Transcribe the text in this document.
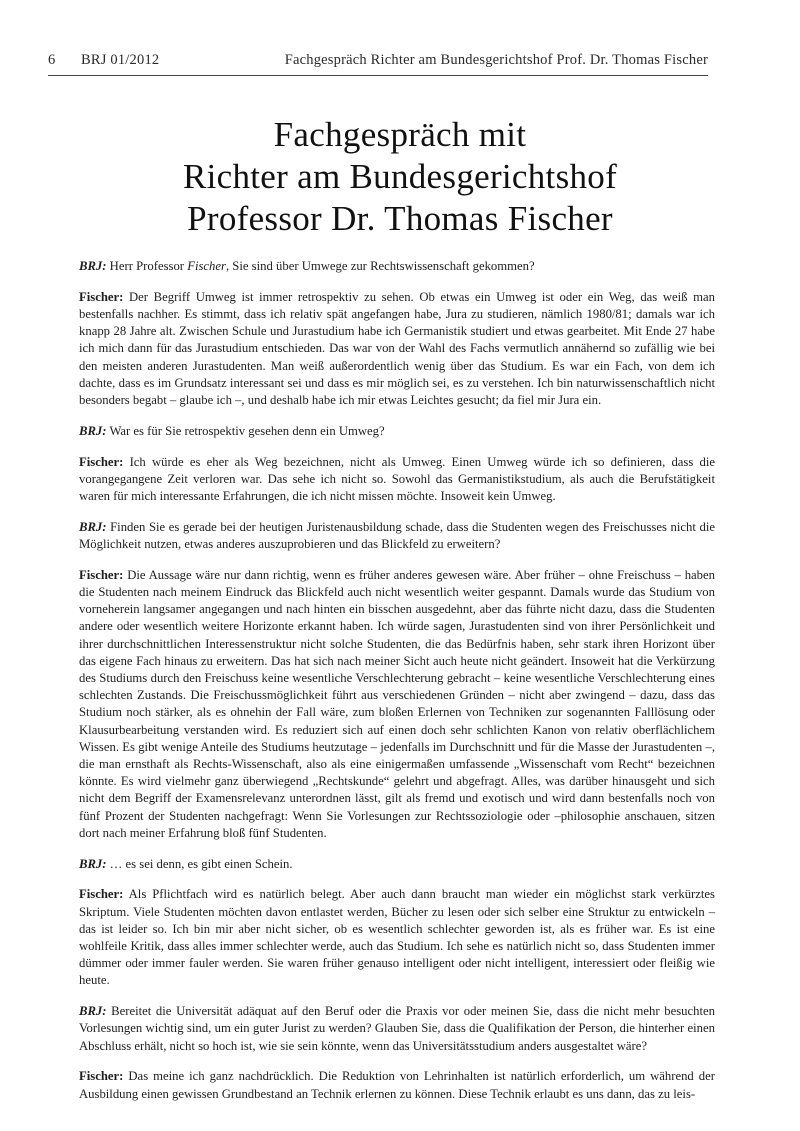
6 BRJ 01/2012	Fachgespräch Richter am Bundesgerichtshof Prof. Dr. Thomas Fischer
Fachgespräch mit
Richter am Bundesgerichtshof
Professor Dr. Thomas Fischer

BRJ: Herr Professor Fischer, Sie sind über Umwege zur Rechtswissenschaft gekommen?

Fischer: Der Begriff Umweg ist immer retrospektiv zu sehen. Ob etwas ein Umweg ist oder ein Weg, das weiß man bestenfalls nachher. Es stimmt, dass ich relativ spät angefangen habe, Jura zu studieren, nämlich 1980/81; damals war ich knapp 28 Jahre alt. Zwischen Schule und Jurastudium habe ich Germanistik studiert und etwas gearbeitet. Mit Ende 27 habe ich mich dann für das Jurastudium entschieden. Das war von der Wahl des Fachs vermutlich annähernd so zufällig wie bei den meisten anderen Jurastudenten. Man weiß außerordentlich wenig über das Studium. Es war ein Fach, von dem ich dachte, dass es im Grundsatz interessant sei und dass es mir möglich sei, es zu verstehen. Ich bin naturwissenschaftlich nicht besonders begabt – glaube ich –, und deshalb habe ich mir etwas Leichtes gesucht; da fiel mir Jura ein.

BRJ: War es für Sie retrospektiv gesehen denn ein Umweg?

Fischer: Ich würde es eher als Weg bezeichnen, nicht als Umweg. Einen Umweg würde ich so definieren, dass die vorangegangene Zeit verloren war. Das sehe ich nicht so. Sowohl das Germanistikstudium, als auch die Berufstätigkeit waren für mich interessante Erfahrungen, die ich nicht missen möchte. Insoweit kein Umweg.

BRJ: Finden Sie es gerade bei der heutigen Juristenausbildung schade, dass die Studenten wegen des Freischusses nicht die Möglichkeit nutzen, etwas anderes auszuprobieren und das Blickfeld zu erweitern?

Fischer: Die Aussage wäre nur dann richtig, wenn es früher anderes gewesen wäre. Aber früher – ohne Freischuss – haben die Studenten nach meinem Eindruck das Blickfeld auch nicht wesentlich weiter gespannt. Damals wurde das Studium von vorneherein langsamer angegangen und nach hinten ein bisschen ausgedehnt, aber das führte nicht dazu, dass die Studenten andere oder wesentlich weitere Horizonte erkannt haben. Ich würde sagen, Jurastudenten sind von ihrer Persönlichkeit und ihrer durchschnittlichen Interessenstruktur nicht solche Studenten, die das Bedürfnis haben, sehr stark ihren Horizont über das eigene Fach hinaus zu erweitern. Das hat sich nach meiner Sicht auch heute nicht geändert. Insoweit hat die Verkürzung des Studiums durch den Freischuss keine wesentliche Verschlechterung gebracht – keine wesentliche Verschlechterung eines schlechten Zustands. Die Freischussmöglichkeit führt aus verschiedenen Gründen – nicht aber zwingend – dazu, dass das Studium noch stärker, als es ohnehin der Fall wäre, zum bloßen Erlernen von Techniken zur sogenannten Falllösung oder Klausurbearbeitung verstanden wird. Es reduziert sich auf einen doch sehr schlichten Kanon von relativ oberflächlichem Wissen. Es gibt wenige Anteile des Studiums heutzutage – jedenfalls im Durchschnitt und für die Masse der Jurastudenten –, die man ernsthaft als Rechts-Wissenschaft, also als eine einigermaßen umfassende „Wissenschaft vom Recht“ bezeichnen könnte. Es wird vielmehr ganz überwiegend „Rechtskunde“ gelehrt und abgefragt. Alles, was darüber hinausgeht und sich nicht dem Begriff der Examensrelevanz unterordnen lässt, gilt als fremd und exotisch und wird dann bestenfalls noch von fünf Prozent der Studenten nachgefragt: Wenn Sie Vorlesungen zur Rechtssoziologie oder –philosophie anschauen, sitzen dort nach meiner Erfahrung bloß fünf Studenten.

BRJ: … es sei denn, es gibt einen Schein.

Fischer: Als Pflichtfach wird es natürlich belegt. Aber auch dann braucht man wieder ein möglichst stark verkürztes Skriptum. Viele Studenten möchten davon entlastet werden, Bücher zu lesen oder sich selber eine Struktur zu entwickeln – das ist leider so. Ich bin mir aber nicht sicher, ob es wesentlich schlechter geworden ist, als es früher war. Es ist eine wohlfeile Kritik, dass alles immer schlechter werde, auch das Studium. Ich sehe es natürlich nicht so, dass Studenten immer dümmer oder immer fauler werden. Sie waren früher genauso intelligent oder nicht intelligent, interessiert oder fleißig wie heute.

BRJ: Bereitet die Universität adäquat auf den Beruf oder die Praxis vor oder meinen Sie, dass die nicht mehr besuchten Vorlesungen wichtig sind, um ein guter Jurist zu werden? Glauben Sie, dass die Qualifikation der Person, die hinterher einen Abschluss erhält, nicht so hoch ist, wie sie sein könnte, wenn das Universitätsstudium anders ausgestaltet wäre?

Fischer: Das meine ich ganz nachdrücklich. Die Reduktion von Lehrinhalten ist natürlich erforderlich, um während der Ausbildung einen gewissen Grundbestand an Technik erlernen zu können. Diese Technik erlaubt es uns dann, das zu leis-
